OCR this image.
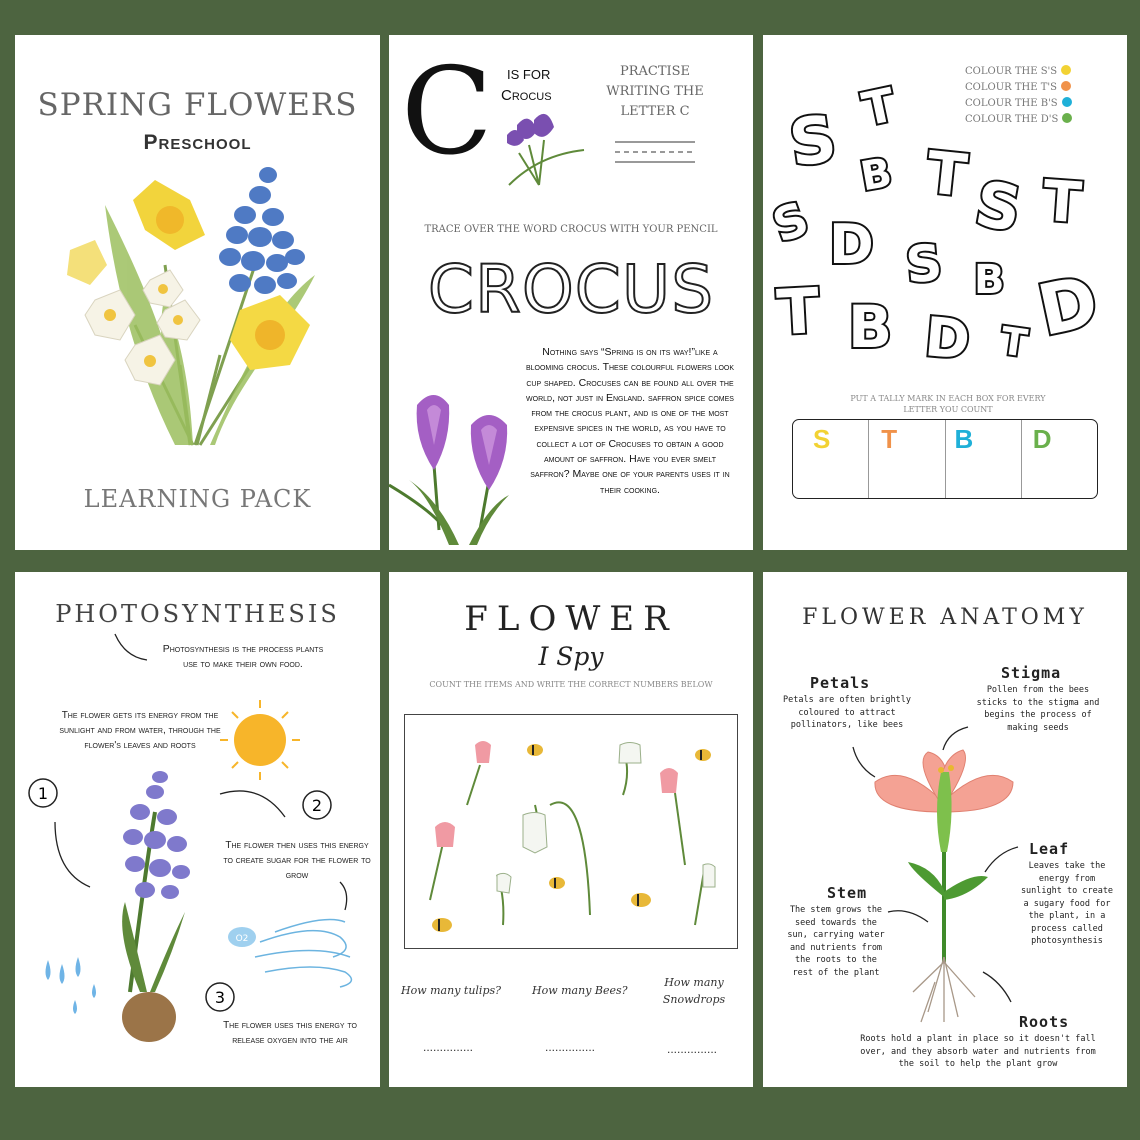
SPRING FLOWERS
Preschool
LEARNING PACK
C IS FOR
Crocus
PRACTISE
WRITING THE
LETTER C
TRACE OVER THE WORD CROCUS WITH YOUR PENCIL
CROCUS
Nothing says “Spring is on its way!”like a blooming crocus. These colourful flowers look cup shaped. Crocuses can be found all over the world, not just in England. saffron spice comes from the crocus plant, and is one of the most expensive spices in the world, as you have to collect a lot of Crocuses to obtain a good amount of saffron. Have you ever smelt saffron? Maybe one of your parents uses it in their cooking.
COLOUR THE S'S
COLOUR THE T'S
COLOUR THE B'S
COLOUR THE D'S
T
S B T S T
S D S B
T B D T D
PUT A TALLY MARK IN EACH BOX FOR EVERY LETTER YOU COUNT
S T B D
PHOTOSYNTHESIS
Photosynthesis is the process plants use to make their own food.
The flower gets its energy from the sunlight and from water, through the flower's leaves and roots
The flower then uses this energy to create sugar for the flower to grow
The flower uses this energy to release oxygen into the air
1
2
3
O2
FLOWER
I Spy
COUNT THE ITEMS AND WRITE THE CORRECT NUMBERS BELOW
How many tulips?	How many Bees?
How many
Snowdrops
...............	...............	...............
FLOWER ANATOMY
Petals
Petals are often brightly coloured to attract pollinators, like bees
Stigma
Pollen from the bees sticks to the stigma and begins the process of making seeds
Leaf
Leaves take the energy from sunlight to create a sugary food for the plant, in a process called photosynthesis
Stem
The stem grows the seed towards the sun, carrying water and nutrients from the roots to the rest of the plant
Roots
Roots hold a plant in place so it doesn't fall over, and they absorb water and nutrients from the soil to help the plant grow
